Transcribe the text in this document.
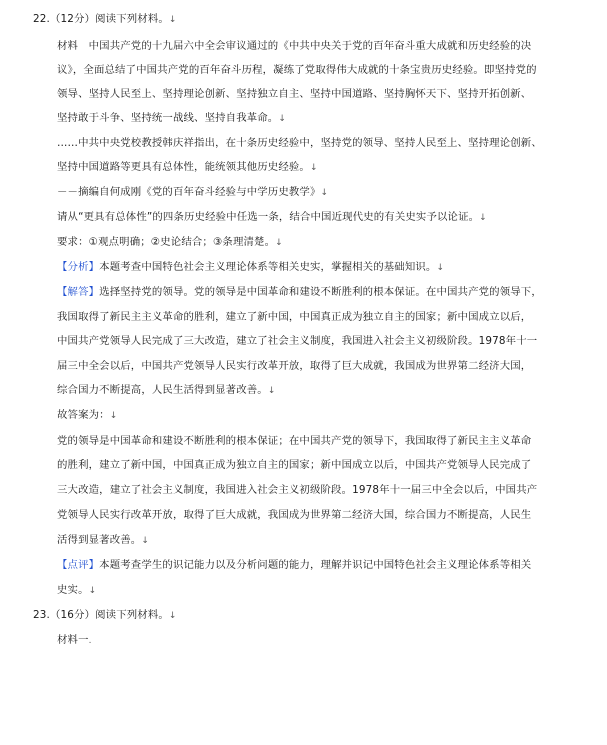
22.（12分）阅读下列材料。↓
材料　中国共产党的十九届六中全会审议通过的《中共中央关于党的百年奋斗重大成就和历史经验的决
议》，全面总结了中国共产党的百年奋斗历程，凝练了党取得伟大成就的十条宝贵历史经验。即坚持党的
领导、坚持人民至上、坚持理论创新、坚持独立自主、坚持中国道路、坚持胸怀天下、坚持开拓创新、
坚持敢于斗争、坚持统一战线、坚持自我革命。↓
……中共中央党校教授韩庆祥指出，在十条历史经验中，坚持党的领导、坚持人民至上、坚持理论创新、
坚持中国道路等更具有总体性，能统领其他历史经验。↓
－－摘编自何成刚《党的百年奋斗经验与中学历史教学》↓
请从“更具有总体性”的四条历史经验中任选一条，结合中国近现代史的有关史实予以论证。↓
要求：①观点明确；②史论结合；③条理清楚。↓
【分析】本题考查中国特色社会主义理论体系等相关史实，掌握相关的基础知识。↓
【解答】选择坚持党的领导。党的领导是中国革命和建设不断胜利的根本保证。在中国共产党的领导下，
我国取得了新民主主义革命的胜利，建立了新中国，中国真正成为独立自主的国家；新中国成立以后，
中国共产党领导人民完成了三大改造，建立了社会主义制度，我国进入社会主义初级阶段。1978年十一
届三中全会以后，中国共产党领导人民实行改革开放，取得了巨大成就，我国成为世界第二经济大国，
综合国力不断提高，人民生活得到显著改善。↓
故答案为：↓
党的领导是中国革命和建设不断胜利的根本保证；在中国共产党的领导下，我国取得了新民主主义革命
的胜利，建立了新中国，中国真正成为独立自主的国家；新中国成立以后，中国共产党领导人民完成了
三大改造，建立了社会主义制度，我国进入社会主义初级阶段。1978年十一届三中全会以后，中国共产
党领导人民实行改革开放，取得了巨大成就，我国成为世界第二经济大国，综合国力不断提高，人民生
活得到显著改善。↓
【点评】本题考查学生的识记能力以及分析问题的能力，理解并识记中国特色社会主义理论体系等相关
史实。↓
23.（16分）阅读下列材料。↓
材料一.
